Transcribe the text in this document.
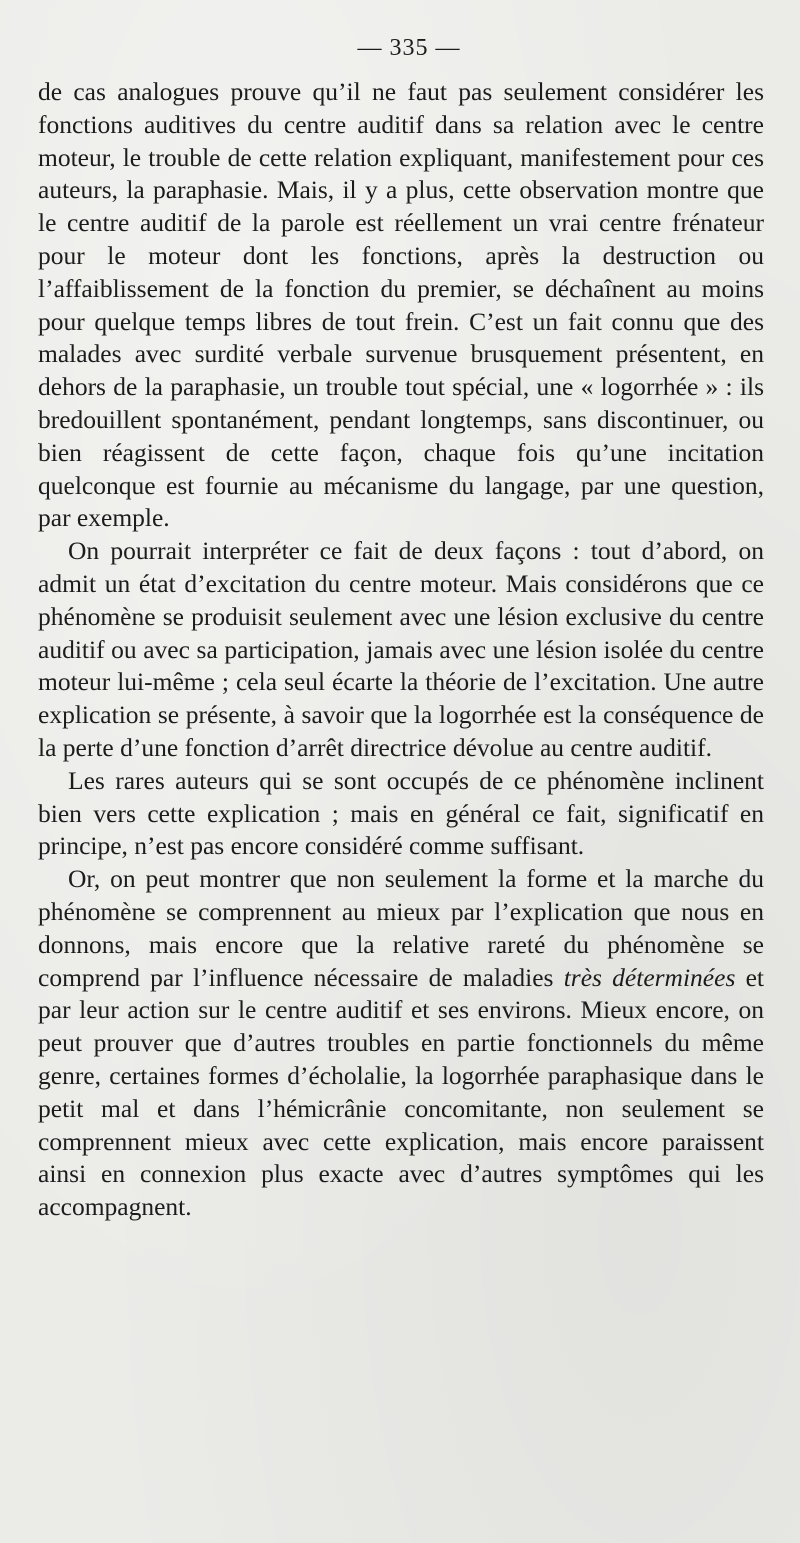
— 335 —

de cas analogues prouve qu’il ne faut pas seulement considérer les fonctions auditives du centre auditif dans sa relation avec le centre moteur, le trouble de cette relation expliquant, manifestement pour ces auteurs, la paraphasie. Mais, il y a plus, cette observation montre que le centre auditif de la parole est réellement un vrai centre frénateur pour le moteur dont les fonctions, après la destruction ou l’affaiblissement de la fonction du premier, se déchaînent au moins pour quelque temps libres de tout frein. C’est un fait connu que des malades avec surdité verbale survenue brusquement présentent, en dehors de la paraphasie, un trouble tout spécial, une « logorrhée » : ils bredouillent spontanément, pendant longtemps, sans discontinuer, ou bien réagissent de cette façon, chaque fois qu’une incitation quelconque est fournie au mécanisme du langage, par une question, par exemple.

On pourrait interpréter ce fait de deux façons : tout d’abord, on admit un état d’excitation du centre moteur. Mais considérons que ce phénomène se produisit seulement avec une lésion exclusive du centre auditif ou avec sa participation, jamais avec une lésion isolée du centre moteur lui-même ; cela seul écarte la théorie de l’excitation. Une autre explication se présente, à savoir que la logorrhée est la conséquence de la perte d’une fonction d’arrêt directrice dévolue au centre auditif.

Les rares auteurs qui se sont occupés de ce phénomène inclinent bien vers cette explication ; mais en général ce fait, significatif en principe, n’est pas encore considéré comme suffisant.

Or, on peut montrer que non seulement la forme et la marche du phénomène se comprennent au mieux par l’explication que nous en donnons, mais encore que la relative rareté du phénomène se comprend par l’influence nécessaire de maladies très déterminées et par leur action sur le centre auditif et ses environs. Mieux encore, on peut prouver que d’autres troubles en partie fonctionnels du même genre, certaines formes d’écholalie, la logorrhée paraphasique dans le petit mal et dans l’hémicrânie concomitante, non seulement se comprennent mieux avec cette explication, mais encore paraissent ainsi en connexion plus exacte avec d’autres symptômes qui les accompagnent.
